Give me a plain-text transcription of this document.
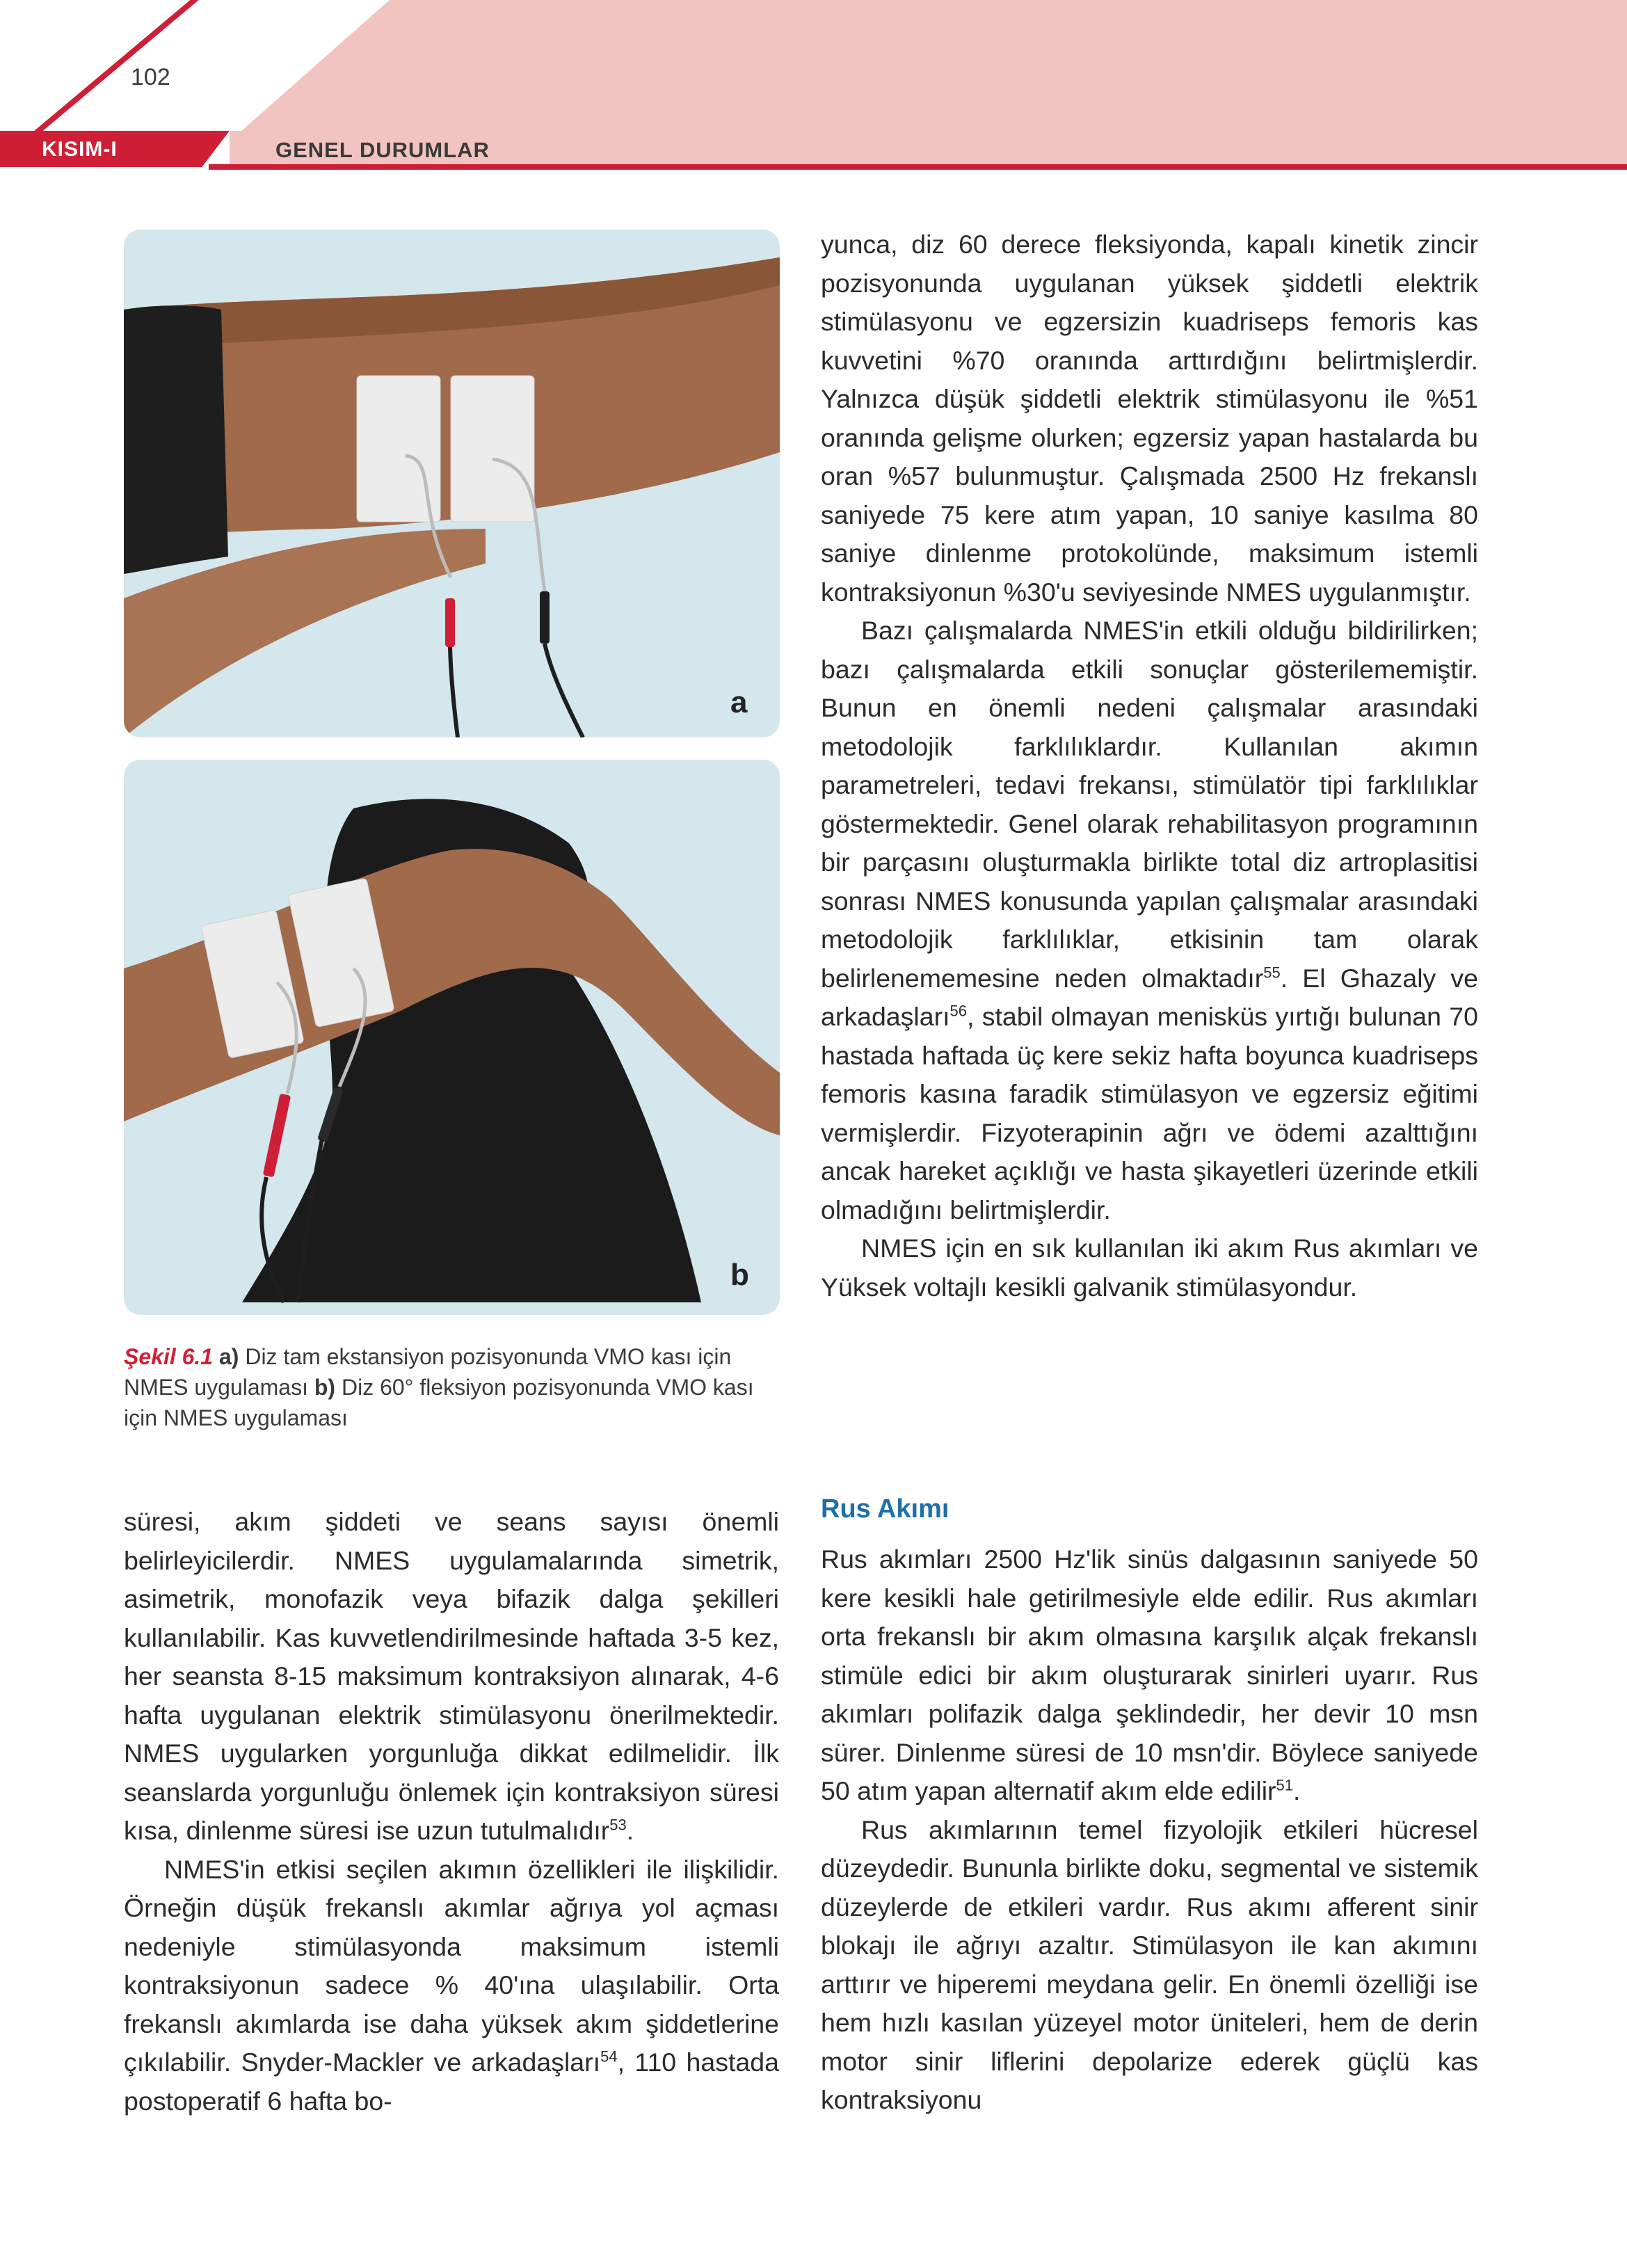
102
KISIM-I	GENEL DURUMLAR
a
b
Şekil 6.1 a) Diz tam ekstansiyon pozisyonunda VMO kası için NMES uygulaması b) Diz 60° fleksiyon pozisyonunda VMO kası için NMES uygulaması

süresi, akım şiddeti ve seans sayısı önemli belirleyicilerdir. NMES uygulamalarında simetrik, asimetrik, monofazik veya bifazik dalga şekilleri kullanılabilir. Kas kuvvetlendirilmesinde haftada 3-5 kez, her seansta 8-15 maksimum kontraksiyon alınarak, 4-6 hafta uygulanan elektrik stimülasyonu önerilmektedir. NMES uygularken yorgunluğa dikkat edilmelidir. İlk seanslarda yorgunluğu önlemek için kontraksiyon süresi kısa, dinlenme süresi ise uzun tutulmalıdır$^{53}$.

NMES'in etkisi seçilen akımın özellikleri ile ilişkilidir. Örneğin düşük frekanslı akımlar ağrıya yol açması nedeniyle stimülasyonda maksimum istemli kontraksiyonun sadece % 40'ına ulaşılabilir. Orta frekanslı akımlarda ise daha yüksek akım şiddetlerine çıkılabilir. Snyder-Mackler ve arkadaşları$^{54}$, 110 hastada postoperatif 6 hafta bo-

yunca, diz 60 derece fleksiyonda, kapalı kinetik zincir pozisyonunda uygulanan yüksek şiddetli elektrik stimülasyonu ve egzersizin kuadriseps femoris kas kuvvetini %70 oranında arttırdığını belirtmişlerdir. Yalnızca düşük şiddetli elektrik stimülasyonu ile %51 oranında gelişme olurken; egzersiz yapan hastalarda bu oran %57 bulunmuştur. Çalışmada 2500 Hz frekanslı saniyede 75 kere atım yapan, 10 saniye kasılma 80 saniye dinlenme protokolünde, maksimum istemli kontraksiyonun %30'u seviyesinde NMES uygulanmıştır.

Bazı çalışmalarda NMES'in etkili olduğu bildirilirken; bazı çalışmalarda etkili sonuçlar gösterilememiştir. Bunun en önemli nedeni çalışmalar arasındaki metodolojik farklılıklardır. Kullanılan akımın parametreleri, tedavi frekansı, stimülatör tipi farklılıklar göstermektedir. Genel olarak rehabilitasyon programının bir parçasını oluşturmakla birlikte total diz artroplasitisi sonrası NMES konusunda yapılan çalışmalar arasındaki metodolojik farklılıklar, etkisinin tam olarak belirlenememesine neden olmaktadır$^{55}$. El Ghazaly ve arkadaşları$^{56}$, stabil olmayan menisküs yırtığı bulunan 70 hastada haftada üç kere sekiz hafta boyunca kuadriseps femoris kasına faradik stimülasyon ve egzersiz eğitimi vermişlerdir. Fizyoterapinin ağrı ve ödemi azalttığını ancak hareket açıklığı ve hasta şikayetleri üzerinde etkili olmadığını belirtmişlerdir.

NMES için en sık kullanılan iki akım Rus akımları ve Yüksek voltajlı kesikli galvanik stimülasyondur.

Rus Akımı

Rus akımları 2500 Hz'lik sinüs dalgasının saniyede 50 kere kesikli hale getirilmesiyle elde edilir. Rus akımları orta frekanslı bir akım olmasına karşılık alçak frekanslı stimüle edici bir akım oluşturarak sinirleri uyarır. Rus akımları polifazik dalga şeklindedir, her devir 10 msn sürer. Dinlenme süresi de 10 msn'dir. Böylece saniyede 50 atım yapan alternatif akım elde edilir$^{51}$.

Rus akımlarının temel fizyolojik etkileri hücresel düzeydedir. Bununla birlikte doku, segmental ve sistemik düzeylerde de etkileri vardır. Rus akımı afferent sinir blokajı ile ağrıyı azaltır. Stimülasyon ile kan akımını arttırır ve hiperemi meydana gelir. En önemli özelliği ise hem hızlı kasılan yüzeyel motor üniteleri, hem de derin motor sinir liflerini depolarize ederek güçlü kas kontraksiyonu
